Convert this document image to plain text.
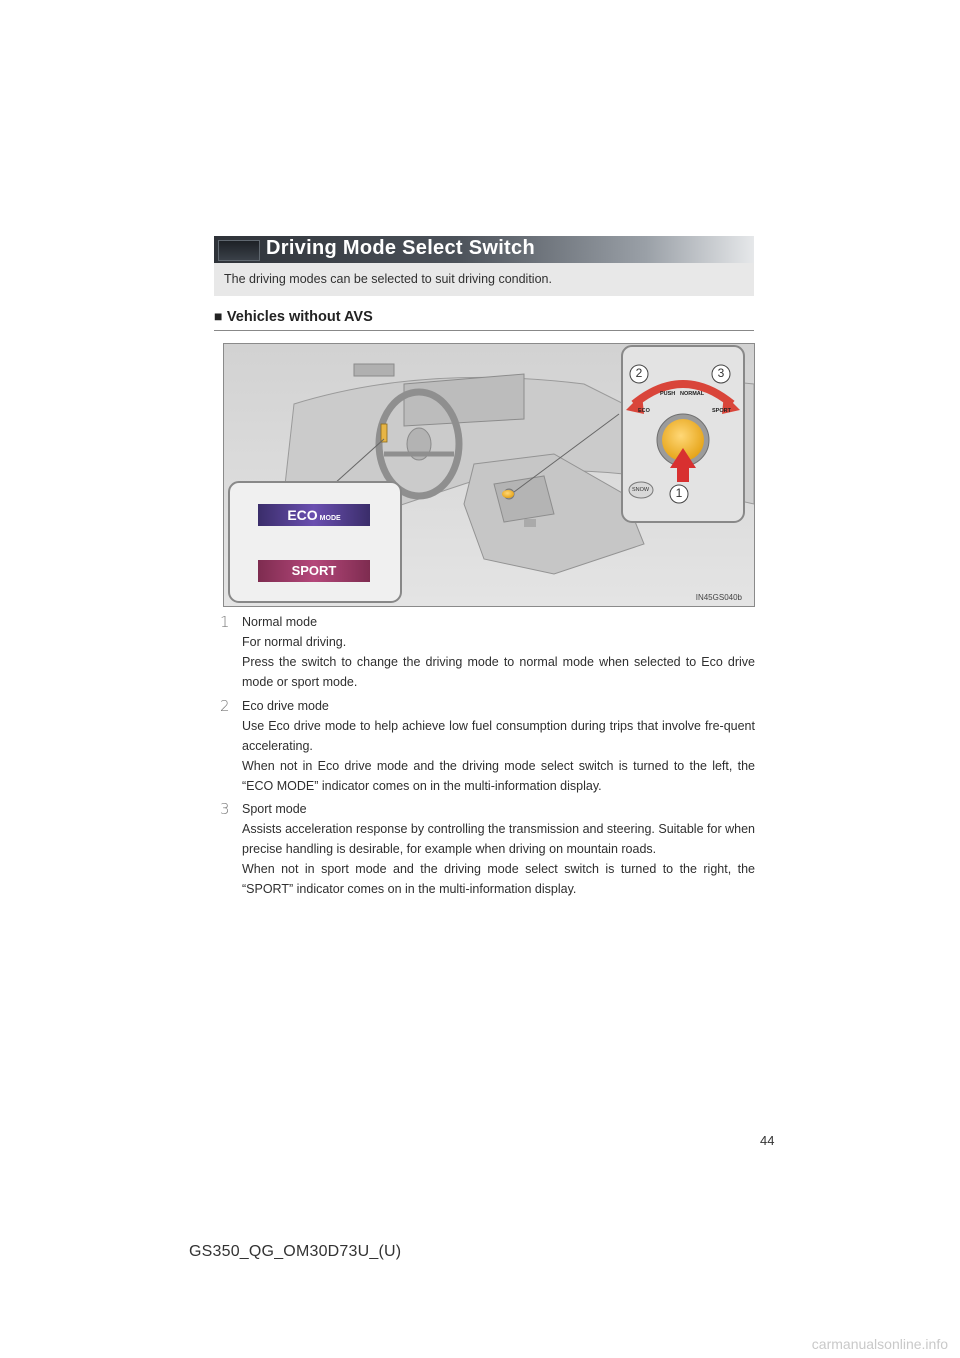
Driving Mode Select Switch
The driving modes can be selected to suit driving condition.
■ Vehicles without AVS
ECO MODE
SPORT
PUSH NORMAL
ECO	SPORT
SNOW
2	3
1
IN45GS040b
1 Normal mode
For normal driving.
Press the switch to change the driving mode to normal mode when selected to Eco drive mode or sport mode.
2 Eco drive mode
Use Eco drive mode to help achieve low fuel consumption during trips that involve fre-quent accelerating.
When not in Eco drive mode and the driving mode select switch is turned to the left, the “ECO MODE” indicator comes on in the multi-information display.
3 Sport mode
Assists acceleration response by controlling the transmission and steering. Suitable for when precise handling is desirable, for example when driving on mountain roads.
When not in sport mode and the driving mode select switch is turned to the right, the “SPORT” indicator comes on in the multi-information display.
44
GS350_QG_OM30D73U_(U)
carmanualsonline.info
